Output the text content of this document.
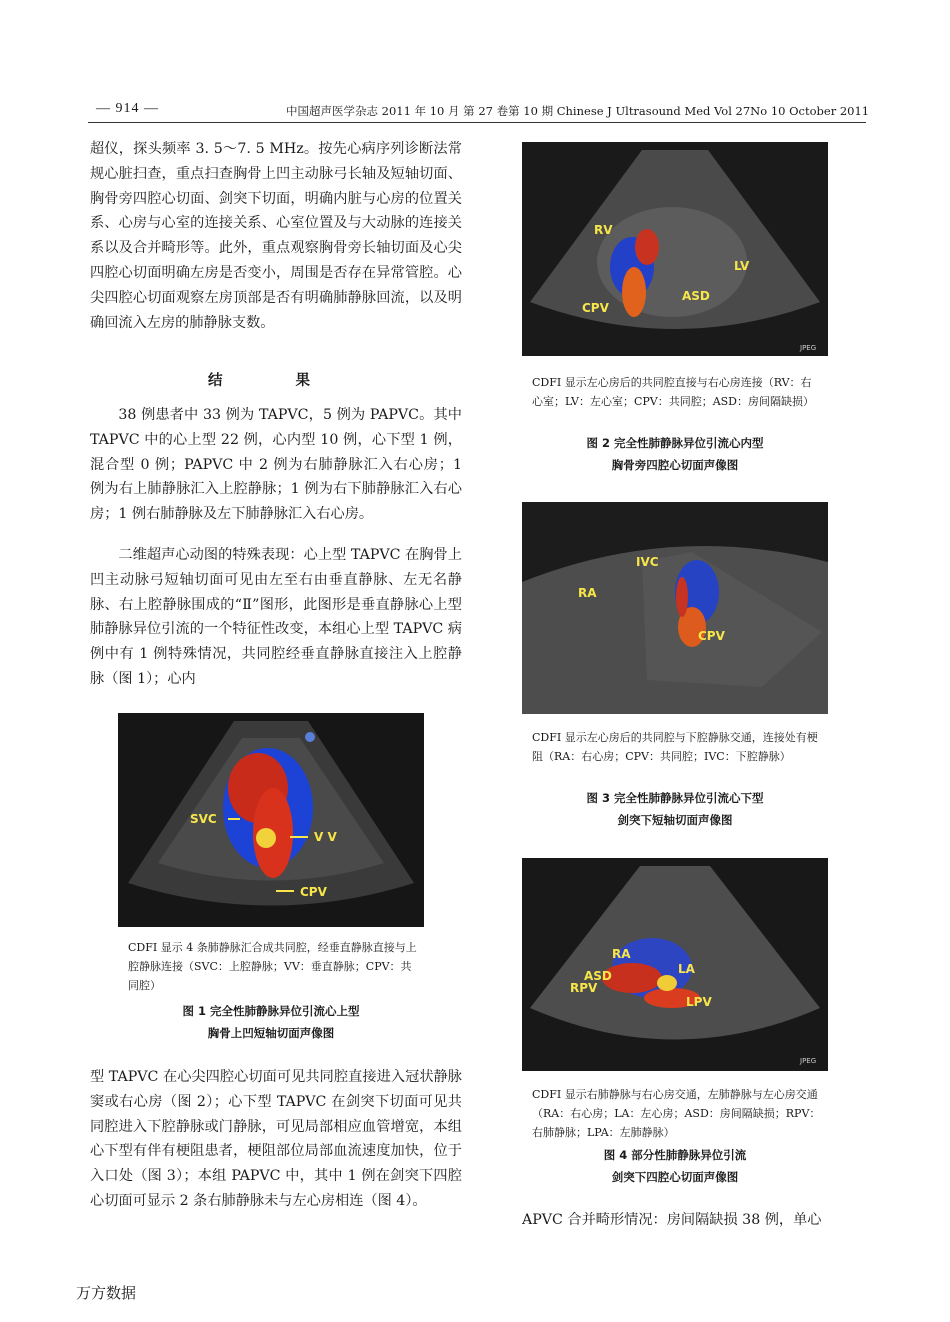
— 914 —	中国超声医学杂志 2011 年 10 月 第 27 卷第 10 期 Chinese J Ultrasound Med Vol 27No 10 October 2011

超仪，探头频率 3. 5～7. 5 MHz。按先心病序列诊断法常规心脏扫查，重点扫查胸骨上凹主动脉弓长轴及短轴切面、胸骨旁四腔心切面、剑突下切面，明确内脏与心房的位置关系、心房与心室的连接关系、心室位置及与大动脉的连接关系以及合并畸形等。此外，重点观察胸骨旁长轴切面及心尖四腔心切面明确左房是否变小，周围是否存在异常管腔。心尖四腔心切面观察左房顶部是否有明确肺静脉回流，以及明确回流入左房的肺静脉支数。

结 果

38 例患者中 33 例为 TAPVC，5 例为 PAPVC。其中 TAPVC 中的心上型 22 例，心内型 10 例，心下型 1 例，混合型 0 例；PAPVC 中 2 例为右肺静脉汇入右心房；1 例为右上肺静脉汇入上腔静脉；1 例为右下肺静脉汇入右心房；1 例右肺静脉及左下肺静脉汇入右心房。

二维超声心动图的特殊表现：心上型 TAPVC 在胸骨上凹主动脉弓短轴切面可见由左至右由垂直静脉、左无名静脉、右上腔静脉围成的“Ⅱ”图形，此图形是垂直静脉心上型肺静脉异位引流的一个特征性改变，本组心上型 TAPVC 病例中有 1 例特殊情况，共同腔经垂直静脉直接注入上腔静脉（图 1）；心内

SVC
V V
CPV

CDFI 显示 4 条肺静脉汇合成共同腔，经垂直静脉直接与上腔静脉连接（SVC：上腔静脉；VV：垂直静脉；CPV：共同腔）

图 1 完全性肺静脉异位引流心上型

胸骨上凹短轴切面声像图

型 TAPVC 在心尖四腔心切面可见共同腔直接进入冠状静脉窦或右心房（图 2）；心下型 TAPVC 在剑突下切面可见共同腔进入下腔静脉或门静脉，可见局部相应血管增宽，本组心下型有伴有梗阻患者，梗阻部位局部血流速度加快，位于入口处（图 3）；本组 PAPVC 中，其中 1 例在剑突下四腔心切面可显示 2 条右肺静脉未与左心房相连（图 4）。

RV
LV
ASD
CPV
JPEG

CDFI 显示左心房后的共同腔直接与右心房连接（RV：右心室；LV：左心室；CPV：共同腔；ASD：房间隔缺损）

图 2 完全性肺静脉异位引流心内型

胸骨旁四腔心切面声像图

IVC
RA
CPV

CDFI 显示左心房后的共同腔与下腔静脉交通，连接处有梗阻（RA：右心房；CPV：共同腔；IVC：下腔静脉）

图 3 完全性肺静脉异位引流心下型

剑突下短轴切面声像图

RA
ASD
RPV
LA
LPV
JPEG

CDFI 显示右肺静脉与右心房交通，左肺静脉与左心房交通（RA：右心房；LA：左心房；ASD：房间隔缺损；RPV：右肺静脉；LPA：左肺静脉）

图 4 部分性肺静脉异位引流

剑突下四腔心切面声像图

APVC 合并畸形情况：房间隔缺损 38 例，单心

万方数据
